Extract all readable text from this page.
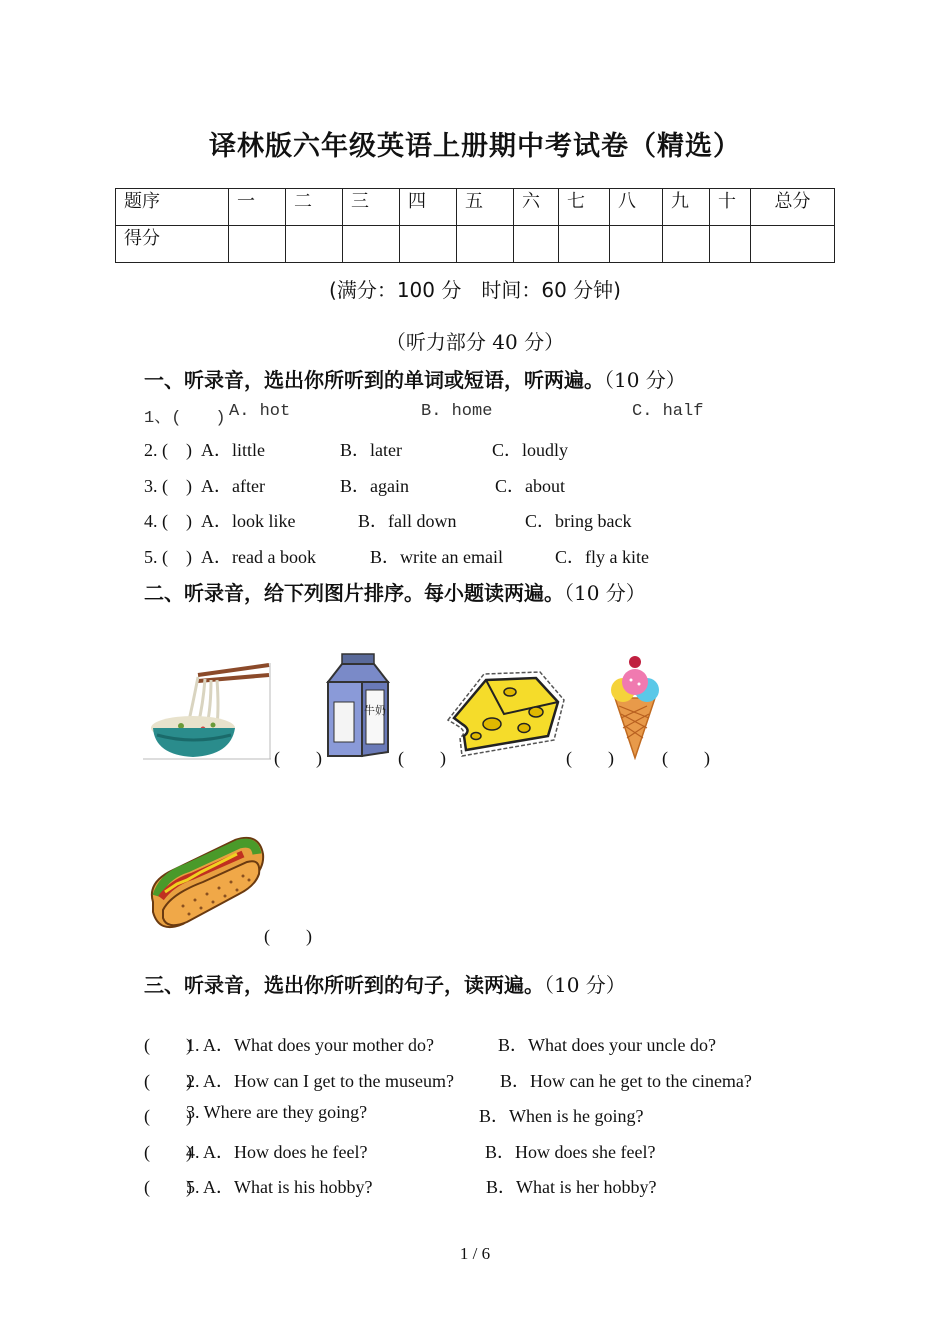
译林版六年级英语上册期中考试卷（精选）
题序	一	二	三	四	五	六	七	八	九	十	总分
得分											
(满分：100 分　时间：60 分钟)
（听力部分 40 分）
一、听录音，选出你所听到的单词或短语，听两遍。（10 分）
1、(　　) A. hot	B. home	C. half
2. (　) A．little	B．later	C．loudly
3. (　) A．after	B．again	C．about
4. (　) A．look like	B．fall down	C．bring back
5. (　) A．read a book	B．write an email	C．fly a kite
二、听录音，给下列图片排序。每小题读两遍。（10 分）
(　　)
牛奶
(　　)	(　　)	(　　)
(　　)
三、听录音，选出你所听到的句子，读两遍。（10 分）
(　　)
1. A．What does your mother do?	B．What does your uncle do?
(　　)
2. A．How can I get to the museum?	B．How can he get to the cinema?
(　　)
3. Where are they going?	B．When is he going?
(　　)
4. A．How does he feel?	B．How does she feel?
(　　)
5. A．What is his hobby?	B．What is her hobby?
1 / 6
